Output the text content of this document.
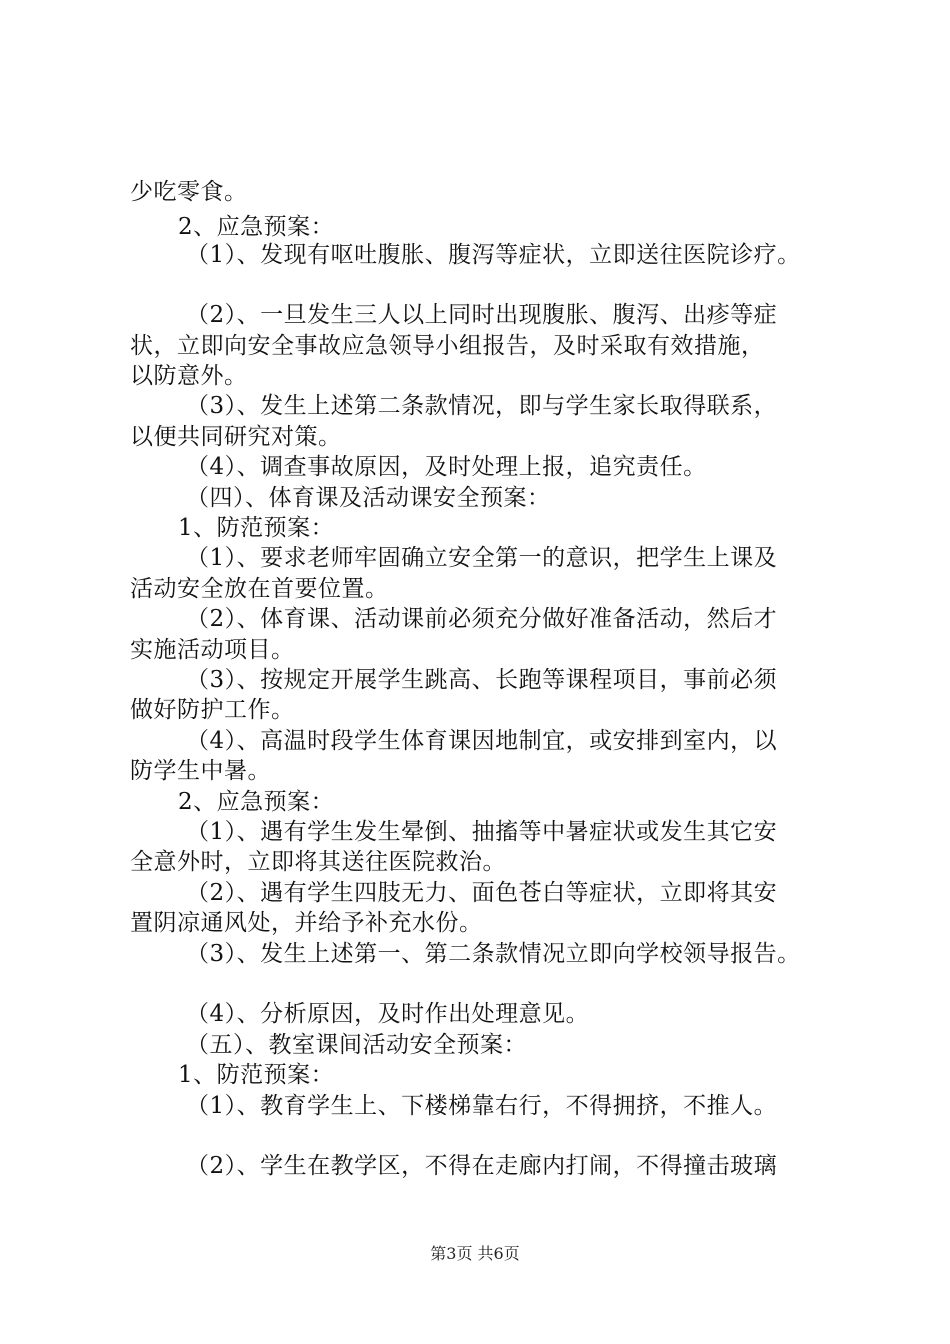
少吃零食。
2、应急预案：
（1）、发现有呕吐腹胀、腹泻等症状，立即送往医院诊疗。
（2）、一旦发生三人以上同时出现腹胀、腹泻、出疹等症
状，立即向安全事故应急领导小组报告，及时采取有效措施，
以防意外。
（3）、发生上述第二条款情况，即与学生家长取得联系，
以便共同研究对策。
（4）、调查事故原因，及时处理上报，追究责任。
（四）、体育课及活动课安全预案：
1、防范预案：
（1）、要求老师牢固确立安全第一的意识，把学生上课及
活动安全放在首要位置。
（2）、体育课、活动课前必须充分做好准备活动，然后才
实施活动项目。
（3）、按规定开展学生跳高、长跑等课程项目，事前必须
做好防护工作。
（4）、高温时段学生体育课因地制宜，或安排到室内，以
防学生中暑。
2、应急预案：
（1）、遇有学生发生晕倒、抽搐等中暑症状或发生其它安
全意外时，立即将其送往医院救治。
（2）、遇有学生四肢无力、面色苍白等症状，立即将其安
置阴凉通风处，并给予补充水份。
（3）、发生上述第一、第二条款情况立即向学校领导报告。
（4）、分析原因，及时作出处理意见。
（五）、教室课间活动安全预案：
1、防范预案：
（1）、教育学生上、下楼梯靠右行，不得拥挤，不推人。
（2）、学生在教学区，不得在走廊内打闹，不得撞击玻璃
第3页 共6页
